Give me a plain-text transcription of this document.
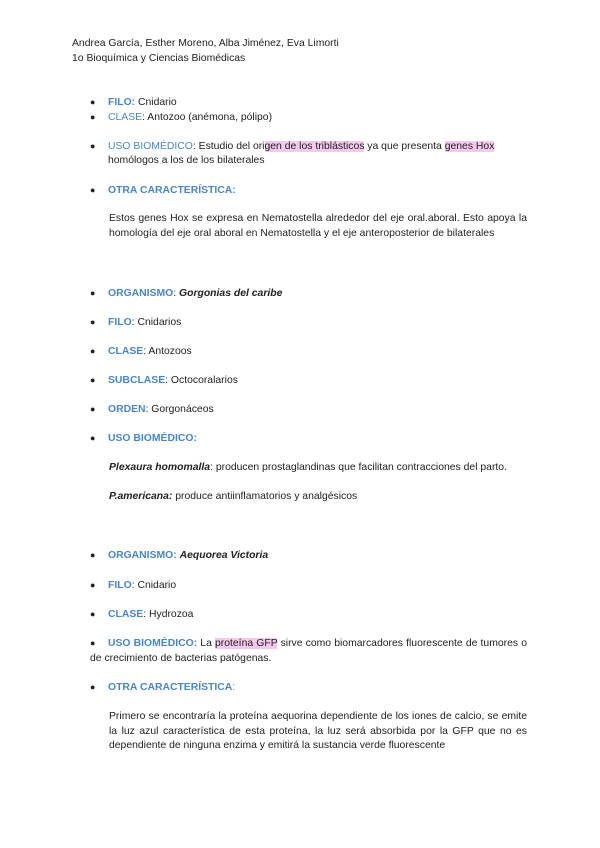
Andrea García, Esther Moreno, Alba Jiménez, Eva Limorti
1o Bioquímica y Ciencias Biomédicas
● FILO: Cnidario
● CLASE: Antozoo (anémona, pólipo)
● USO BIOMÉDICO: Estudio del origen de los triblásticos ya que presenta genes Hox
homólogos a los de los bilaterales
● OTRA CARACTERÍSTICA:
Estos genes Hox se expresa en Nematostella alrededor del eje oral.aboral. Esto apoya la homología del eje oral aboral en Nematostella y el eje anteroposterior de bilaterales
● ORGANISMO: Gorgonias del caribe
● FILO: Cnidarios
● CLASE: Antozoos
● SUBCLASE: Octocoralarios
● ORDEN: Gorgonáceos
● USO BIOMÉDICO:
Plexaura homomalla: producen prostaglandinas que facilitan contracciones del parto.
P.americana: produce antiinflamatorios y analgésicos
● ORGANISMO: Aequorea Victoria
● FILO: Cnidario
● CLASE: Hydrozoa
● USO BIOMÉDICO: La proteína GFP sirve como biomarcadores fluorescente de tumores o de crecimiento de bacterias patógenas.
● OTRA CARACTERÍSTICA:
Primero se encontraría la proteína aequorina dependiente de los iones de calcio, se emite la luz azul característica de esta proteína, la luz será absorbida por la GFP que no es dependiente de ninguna enzima y emitirá la sustancia verde fluorescente
